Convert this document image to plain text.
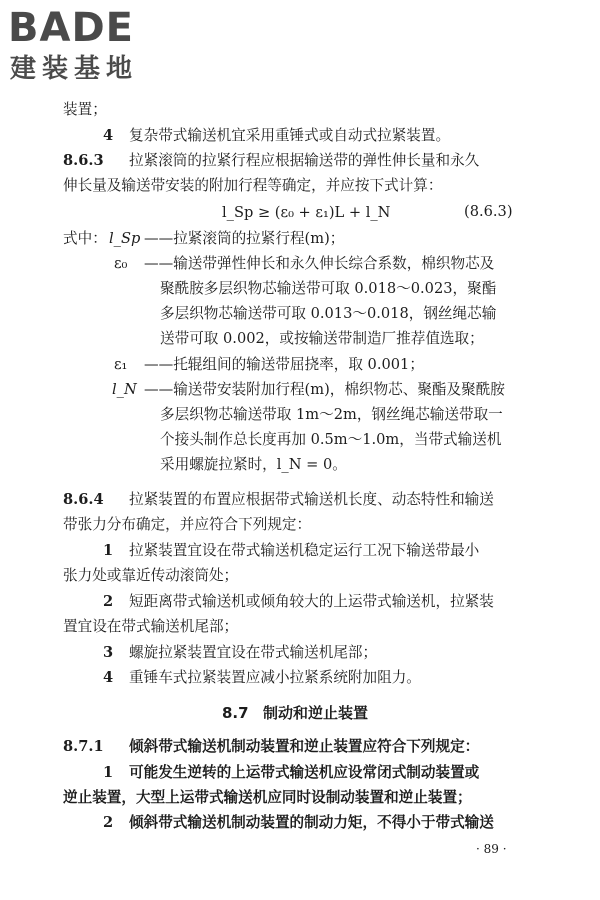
BADE
建装基地
装置；
4 复杂带式输送机宜采用重锤式或自动式拉紧装置。
8.6.3 拉紧滚筒的拉紧行程应根据输送带的弹性伸长量和永久
伸长量及输送带安装的附加行程等确定，并应按下式计算：
l_Sp ≥ (ε₀ + ε₁)L + l_N	(8.6.3)
式中： l_Sp ——拉紧滚筒的拉紧行程(m)；
ε₀ ——输送带弹性伸长和永久伸长综合系数，棉织物芯及
聚酰胺多层织物芯输送带可取 0.018～0.023，聚酯
多层织物芯输送带可取 0.013～0.018，钢丝绳芯输
送带可取 0.002，或按输送带制造厂推荐值选取；
ε₁ ——托辊组间的输送带屈挠率，取 0.001；
l_N ——输送带安装附加行程(m)，棉织物芯、聚酯及聚酰胺
多层织物芯输送带取 1m～2m，钢丝绳芯输送带取一
个接头制作总长度再加 0.5m～1.0m，当带式输送机
采用螺旋拉紧时，l_N = 0。
8.6.4 拉紧装置的布置应根据带式输送机长度、动态特性和输送
带张力分布确定，并应符合下列规定：
1 拉紧装置宜设在带式输送机稳定运行工况下输送带最小
张力处或靠近传动滚筒处；
2 短距离带式输送机或倾角较大的上运带式输送机，拉紧装
置宜设在带式输送机尾部；
3 螺旋拉紧装置宜设在带式输送机尾部；
4 重锤车式拉紧装置应减小拉紧系统附加阻力。
8.7 制动和逆止装置
8.7.1 倾斜带式输送机制动装置和逆止装置应符合下列规定：
1 可能发生逆转的上运带式输送机应设常闭式制动装置或
逆止装置，大型上运带式输送机应同时设制动装置和逆止装置；
2 倾斜带式输送机制动装置的制动力矩，不得小于带式输送
· 89 ·
